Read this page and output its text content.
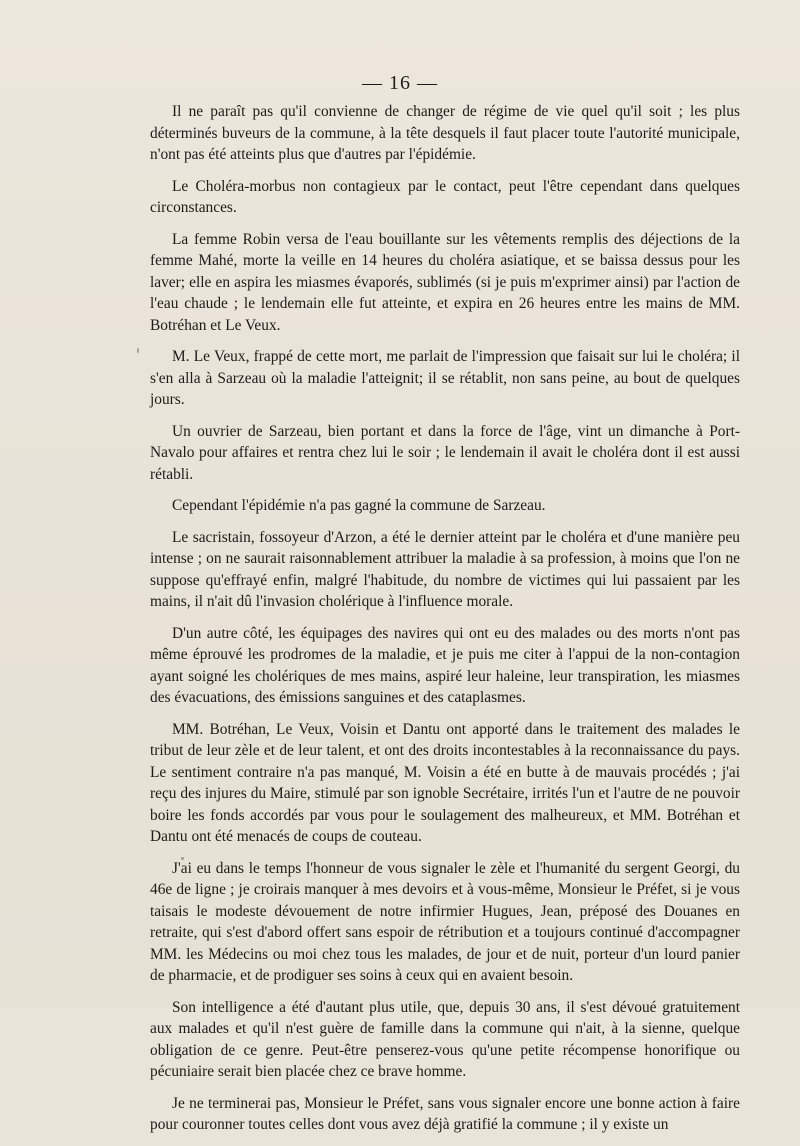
— 16 —

Il ne paraît pas qu'il convienne de changer de régime de vie quel qu'il soit ; les plus déterminés buveurs de la commune, à la tête desquels il faut placer toute l'autorité municipale, n'ont pas été atteints plus que d'autres par l'épidémie.

Le Choléra-morbus non contagieux par le contact, peut l'être cependant dans quelques circonstances.

La femme Robin versa de l'eau bouillante sur les vêtements remplis des déjections de la femme Mahé, morte la veille en 14 heures du choléra asiatique, et se baissa dessus pour les laver; elle en aspira les miasmes évaporés, sublimés (si je puis m'exprimer ainsi) par l'action de l'eau chaude ; le lendemain elle fut atteinte, et expira en 26 heures entre les mains de MM. Botréhan et Le Veux.

M. Le Veux, frappé de cette mort, me parlait de l'impression que faisait sur lui le choléra; il s'en alla à Sarzeau où la maladie l'atteignit; il se rétablit, non sans peine, au bout de quelques jours.

Un ouvrier de Sarzeau, bien portant et dans la force de l'âge, vint un dimanche à Port-Navalo pour affaires et rentra chez lui le soir ; le lendemain il avait le choléra dont il est aussi rétabli.

Cependant l'épidémie n'a pas gagné la commune de Sarzeau.

Le sacristain, fossoyeur d'Arzon, a été le dernier atteint par le choléra et d'une manière peu intense ; on ne saurait raisonnablement attribuer la maladie à sa profession, à moins que l'on ne suppose qu'effrayé enfin, malgré l'habitude, du nombre de victimes qui lui passaient par les mains, il n'ait dû l'invasion cholérique à l'influence morale.

D'un autre côté, les équipages des navires qui ont eu des malades ou des morts n'ont pas même éprouvé les prodromes de la maladie, et je puis me citer à l'appui de la non-contagion ayant soigné les cholériques de mes mains, aspiré leur haleine, leur transpiration, les miasmes des évacuations, des émissions sanguines et des cataplasmes.

MM. Botréhan, Le Veux, Voisin et Dantu ont apporté dans le traitement des malades le tribut de leur zèle et de leur talent, et ont des droits incontestables à la reconnaissance du pays. Le sentiment contraire n'a pas manqué, M. Voisin a été en butte à de mauvais procédés ; j'ai reçu des injures du Maire, stimulé par son ignoble Secrétaire, irrités l'un et l'autre de ne pouvoir boire les fonds accordés par vous pour le soulagement des malheureux, et MM. Botréhan et Dantu ont été menacés de coups de couteau.

J'ai eu dans le temps l'honneur de vous signaler le zèle et l'humanité du sergent Georgi, du 46e de ligne ; je croirais manquer à mes devoirs et à vous-même, Monsieur le Préfet, si je vous taisais le modeste dévouement de notre infirmier Hugues, Jean, préposé des Douanes en retraite, qui s'est d'abord offert sans espoir de rétribution et a toujours continué d'accompagner MM. les Médecins ou moi chez tous les malades, de jour et de nuit, porteur d'un lourd panier de pharmacie, et de prodiguer ses soins à ceux qui en avaient besoin.

Son intelligence a été d'autant plus utile, que, depuis 30 ans, il s'est dévoué gratuitement aux malades et qu'il n'est guère de famille dans la commune qui n'ait, à la sienne, quelque obligation de ce genre. Peut-être penserez-vous qu'une petite récompense honorifique ou pécuniaire serait bien placée chez ce brave homme.

Je ne terminerai pas, Monsieur le Préfet, sans vous signaler encore une bonne action à faire pour couronner toutes celles dont vous avez déjà gratifié la commune ; il y existe un
